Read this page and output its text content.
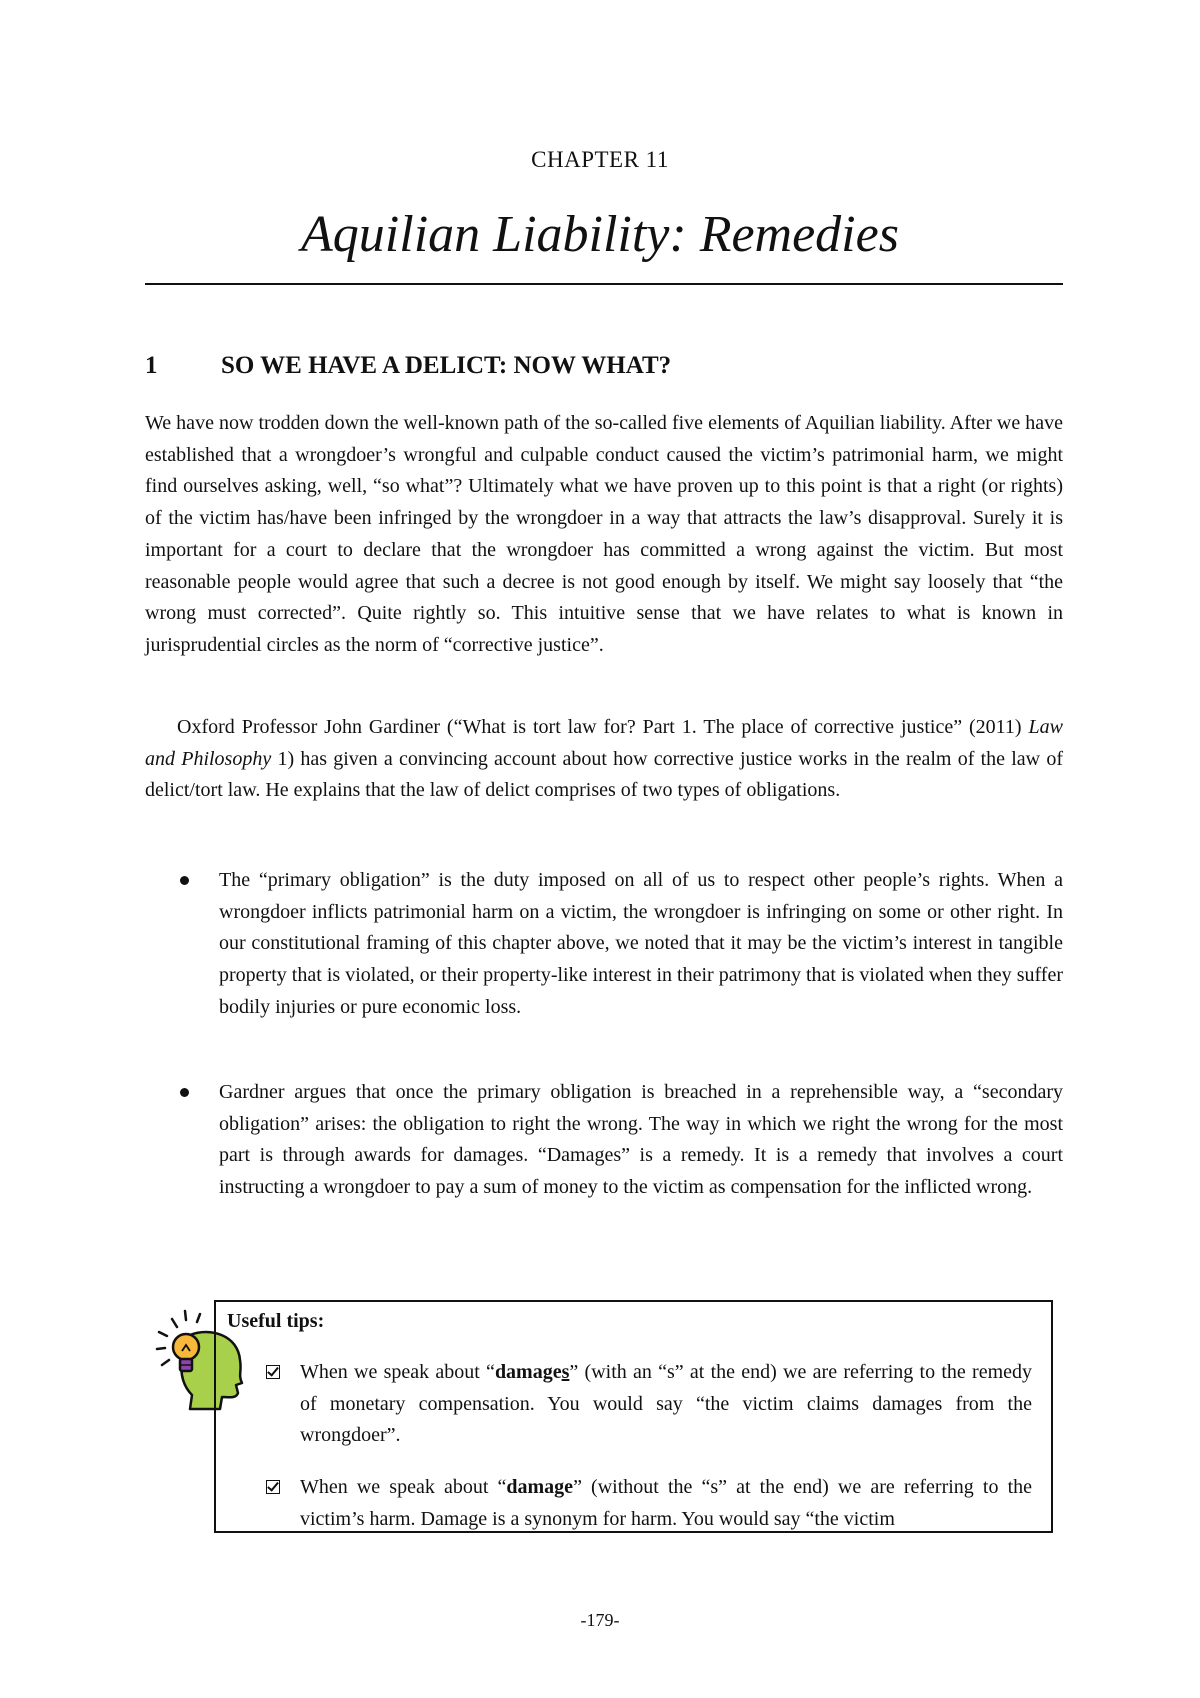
CHAPTER 11
Aquilian Liability: Remedies
1	SO WE HAVE A DELICT: NOW WHAT?

We have now trodden down the well-known path of the so-called five elements of Aquilian liability. After we have established that a wrongdoer’s wrongful and culpable conduct caused the victim’s patrimonial harm, we might find ourselves asking, well, “so what”? Ultimately what we have proven up to this point is that a right (or rights) of the victim has/have been infringed by the wrongdoer in a way that attracts the law’s disapproval. Surely it is important for a court to declare that the wrongdoer has committed a wrong against the victim. But most reasonable people would agree that such a decree is not good enough by itself. We might say loosely that “the wrong must corrected”. Quite rightly so. This intuitive sense that we have relates to what is known in jurisprudential circles as the norm of “corrective justice”.

Oxford Professor John Gardiner (“What is tort law for? Part 1. The place of corrective justice” (2011) Law and Philosophy 1) has given a convincing account about how corrective justice works in the realm of the law of delict/tort law. He explains that the law of delict comprises of two types of obligations.

The “primary obligation” is the duty imposed on all of us to respect other people’s rights. When a wrongdoer inflicts patrimonial harm on a victim, the wrongdoer is infringing on some or other right. In our constitutional framing of this chapter above, we noted that it may be the victim’s interest in tangible property that is violated, or their property-like interest in their patrimony that is violated when they suffer bodily injuries or pure economic loss.
Gardner argues that once the primary obligation is breached in a reprehensible way, a “secondary obligation” arises: the obligation to right the wrong. The way in which we right the wrong for the most part is through awards for damages. “Damages” is a remedy. It is a remedy that involves a court instructing a wrongdoer to pay a sum of money to the victim as compensation for the inflicted wrong.
Useful tips:
When we speak about “damages” (with an “s” at the end) we are referring to the remedy of monetary compensation. You would say “the victim claims damages from the wrongdoer”.
When we speak about “damage” (without the “s” at the end) we are referring to the victim’s harm. Damage is a synonym for harm. You would say “the victim
-179-
